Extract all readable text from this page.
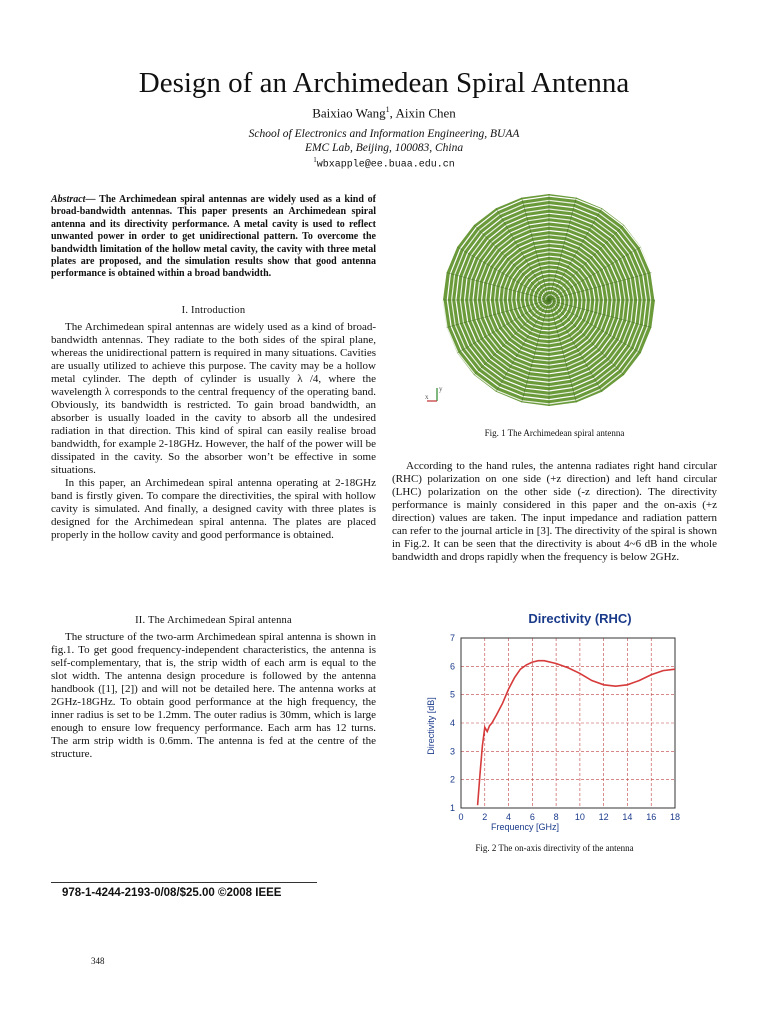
Design of an Archimedean Spiral Antenna
Baixiao Wang$^1$, Aixin Chen
School of Electronics and Information Engineering, BUAA
EMC Lab, Beijing, 100083, China
$^1$wbxapple@ee.buaa.edu.cn
Abstract— The Archimedean spiral antennas are widely used as a kind of broad-bandwidth antennas. This paper presents an Archimedean spiral antenna and its directivity performance. A metal cavity is used to reflect unwanted power in order to get unidirectional pattern. To overcome the bandwidth limitation of the hollow metal cavity, the cavity with three metal plates are proposed, and the simulation results show that good antenna performance is obtained within a broad bandwidth.
I. Introduction

The Archimedean spiral antennas are widely used as a kind of broad-bandwidth antennas. They radiate to the both sides of the spiral plane, whereas the unidirectional pattern is required in many situations. Cavities are usually utilized to achieve this purpose. The cavity may be a hollow metal cylinder. The depth of cylinder is usually λ /4, where the wavelength λ corresponds to the central frequency of the operating band. Obviously, its bandwidth is restricted. To gain broad bandwidth, an absorber is usually loaded in the cavity to absorb all the undesired radiation in that direction. This kind of spiral can easily realise broad bandwidth, for example 2-18GHz. However, the half of the power will be dissipated in the cavity. So the absorber won’t be effective in some situations.

In this paper, an Archimedean spiral antenna operating at 2-18GHz band is firstly given. To compare the directivities, the spiral with hollow cavity is simulated. And finally, a designed cavity with three plates is designed for the Archimedean spiral antenna. The plates are placed properly in the hollow cavity and good performance is obtained.

II. The Archimedean Spiral antenna

The structure of the two-arm Archimedean spiral antenna is shown in fig.1. To get good frequency-independent characteristics, the antenna is self-complementary, that is, the strip width of each arm is equal to the slot width. The antenna design procedure is followed by the antenna handbook ([1], [2]) and will not be detailed here. The antenna works at 2GHz-18GHz. To obtain good performance at the high frequency, the inner radius is set to be 1.2mm. The outer radius is 30mm, which is large enough to ensure low frequency performance. Each arm has 12 turns. The arm strip width is 0.6mm. The antenna is fed at the centre of the structure.

x
y
Fig. 1 The Archimedean spiral antenna

According to the hand rules, the antenna radiates right hand circular (RHC) polarization on one side (+z direction) and left hand circular (LHC) polarization on the other side (-z direction). The directivity performance is mainly considered in this paper and the on-axis (+z direction) values are taken. The input impedance and radiation pattern can refer to the journal article in [3]. The directivity of the spiral is shown in Fig.2. It can be seen that the directivity is about 4~6 dB in the whole bandwidth and drops rapidly when the frequency is below 2GHz.

Directivity (RHC)
1
2
3
4
5
6
7
0 2 4 6 8 10 12 14 16 18
Frequency [GHz]
Directivity [dB]
Fig. 2 The on-axis directivity of the antenna
978-1-4244-2193-0/08/$25.00 ©2008 IEEE
348
